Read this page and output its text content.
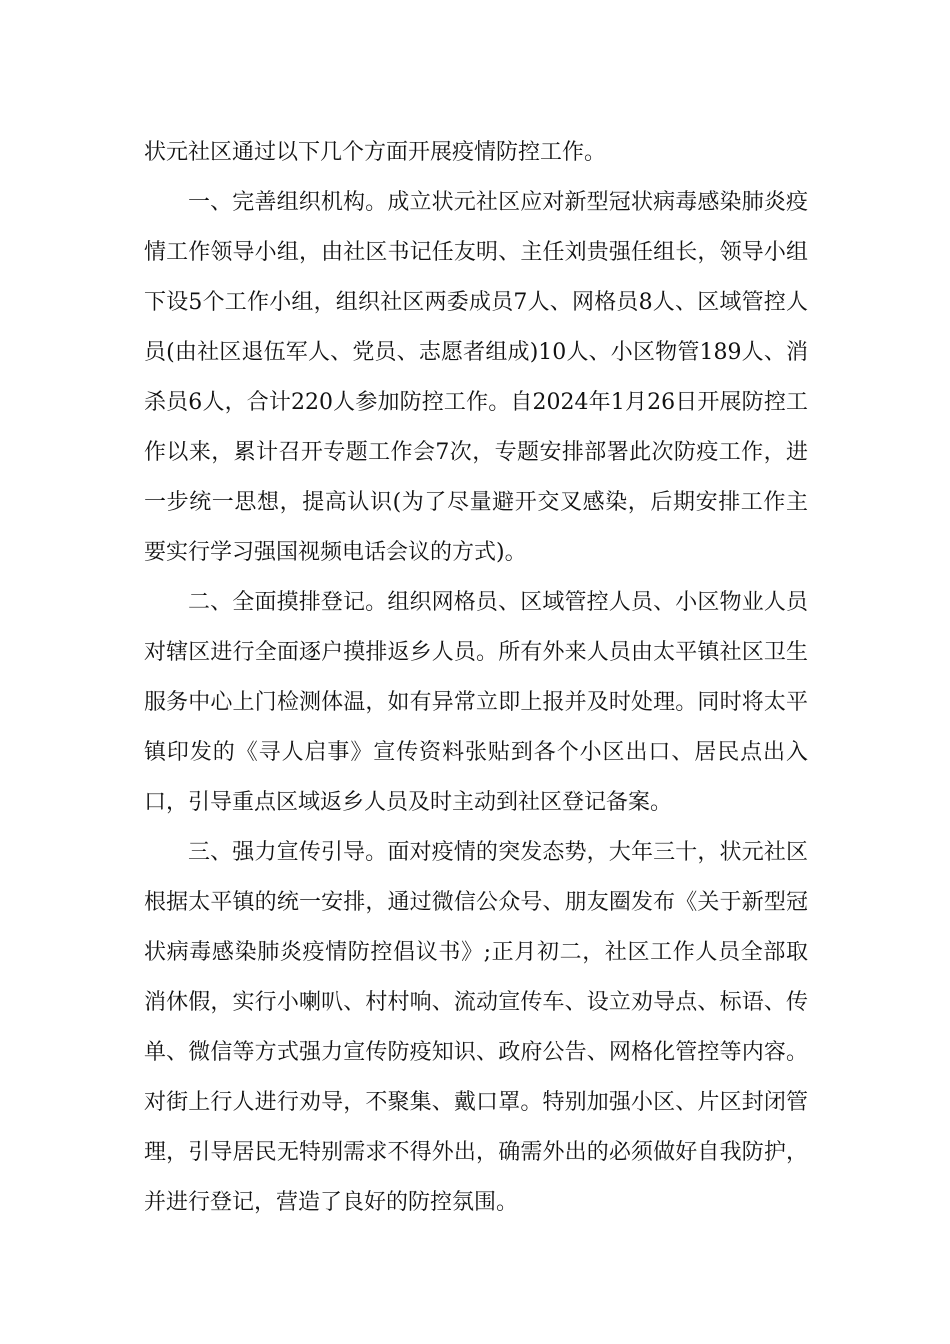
状元社区通过以下几个方面开展疫情防控工作。

一、完善组织机构。成立状元社区应对新型冠状病毒感染肺炎疫情工作领导小组，由社区书记任友明、主任刘贵强任组长，领导小组下设5个工作小组，组织社区两委成员7人、网格员8人、区域管控人员(由社区退伍军人、党员、志愿者组成)10人、小区物管189人、消杀员6人，合计220人参加防控工作。自2024年1月26日开展防控工作以来，累计召开专题工作会7次，专题安排部署此次防疫工作，进一步统一思想，提高认识(为了尽量避开交叉感染，后期安排工作主要实行学习强国视频电话会议的方式)。

二、全面摸排登记。组织网格员、区域管控人员、小区物业人员对辖区进行全面逐户摸排返乡人员。所有外来人员由太平镇社区卫生服务中心上门检测体温，如有异常立即上报并及时处理。同时将太平镇印发的《寻人启事》宣传资料张贴到各个小区出口、居民点出入口，引导重点区域返乡人员及时主动到社区登记备案。

三、强力宣传引导。面对疫情的突发态势，大年三十，状元社区根据太平镇的统一安排，通过微信公众号、朋友圈发布《关于新型冠状病毒感染肺炎疫情防控倡议书》;正月初二，社区工作人员全部取消休假，实行小喇叭、村村响、流动宣传车、设立劝导点、标语、传单、微信等方式强力宣传防疫知识、政府公告、网格化管控等内容。对街上行人进行劝导，不聚集、戴口罩。特别加强小区、片区封闭管理，引导居民无特别需求不得外出，确需外出的必须做好自我防护，并进行登记，营造了良好的防控氛围。
